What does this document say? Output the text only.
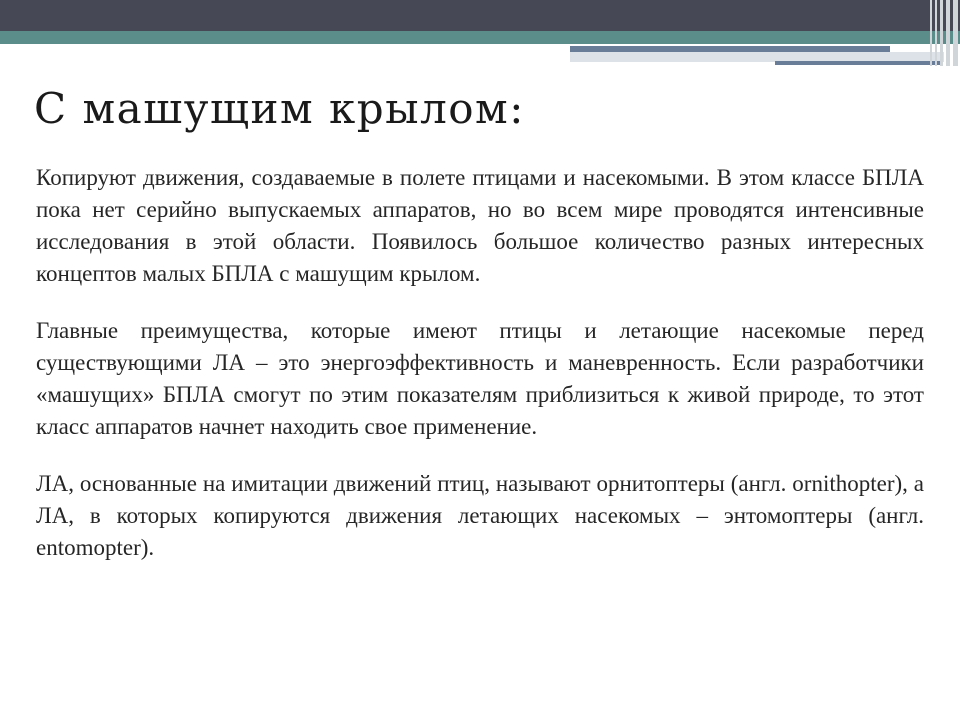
С машущим крылом:

Копируют движения, создаваемые в полете птицами и насекомыми. В этом классе БПЛА пока нет серийно выпускаемых аппаратов, но во всем мире проводятся интенсивные исследования в этой области. Появилось большое количество разных интересных концептов малых БПЛА с машущим крылом.

Главные преимущества, которые имеют птицы и летающие насекомые перед существующими ЛА – это энергоэффективность и маневренность. Если разработчики «машущих» БПЛА смогут по этим показателям приблизиться к живой природе, то этот класс аппаратов начнет находить свое применение.

ЛА, основанные на имитации движений птиц, называют орнитоптеры (англ. ornithopter), а ЛА, в которых копируются движения летающих насекомых – энтомоптеры (англ. entomopter).
